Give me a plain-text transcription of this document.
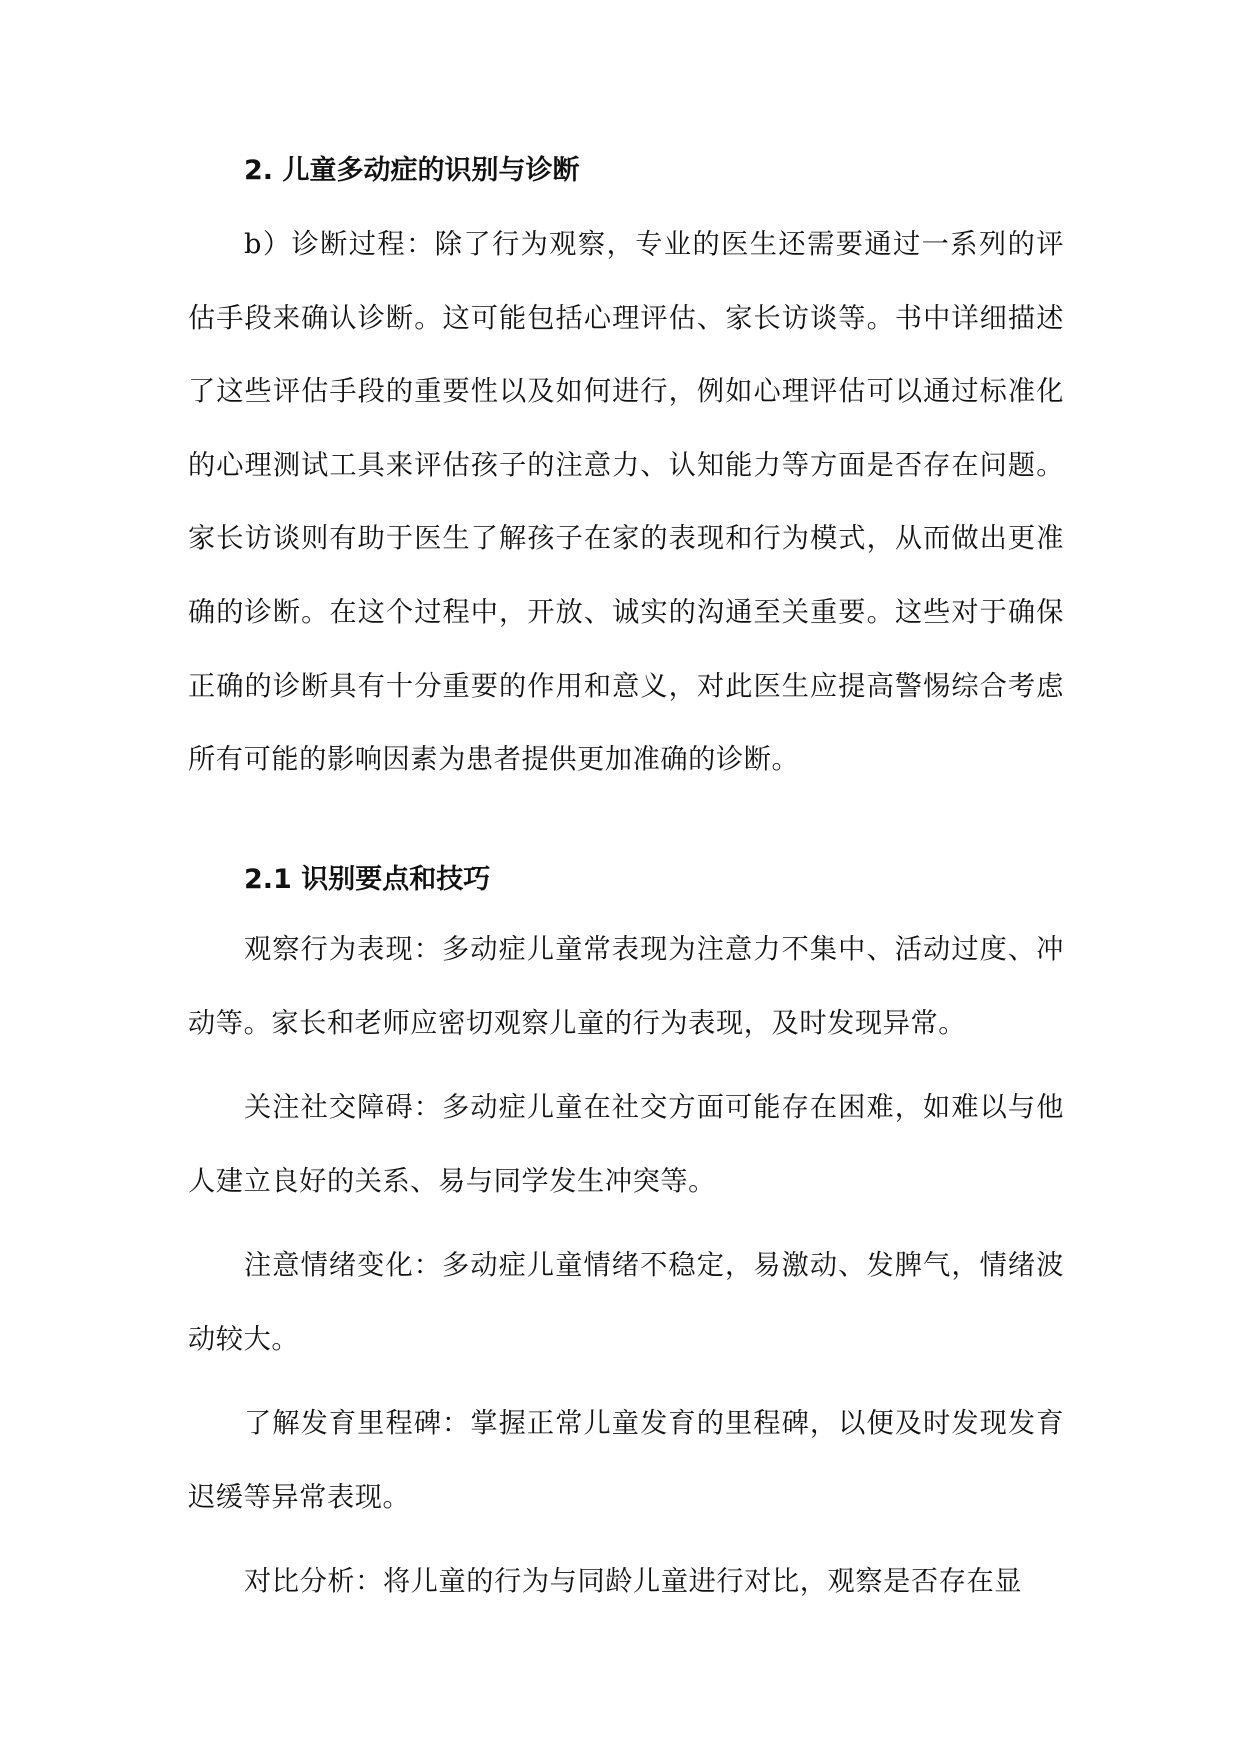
2. 儿童多动症的识别与诊断

b）诊断过程：除了行为观察，专业的医生还需要通过一系列的评估手段来确认诊断。这可能包括心理评估、家长访谈等。书中详细描述了这些评估手段的重要性以及如何进行，例如心理评估可以通过标准化的心理测试工具来评估孩子的注意力、认知能力等方面是否存在问题。家长访谈则有助于医生了解孩子在家的表现和行为模式，从而做出更准确的诊断。在这个过程中，开放、诚实的沟通至关重要。这些对于确保正确的诊断具有十分重要的作用和意义，对此医生应提高警惕综合考虑所有可能的影响因素为患者提供更加准确的诊断。

2.1 识别要点和技巧

观察行为表现：多动症儿童常表现为注意力不集中、活动过度、冲动等。家长和老师应密切观察儿童的行为表现，及时发现异常。

关注社交障碍：多动症儿童在社交方面可能存在困难，如难以与他人建立良好的关系、易与同学发生冲突等。

注意情绪变化：多动症儿童情绪不稳定，易激动、发脾气，情绪波动较大。

了解发育里程碑：掌握正常儿童发育的里程碑，以便及时发现发育迟缓等异常表现。

对比分析：将儿童的行为与同龄儿童进行对比，观察是否存在显
